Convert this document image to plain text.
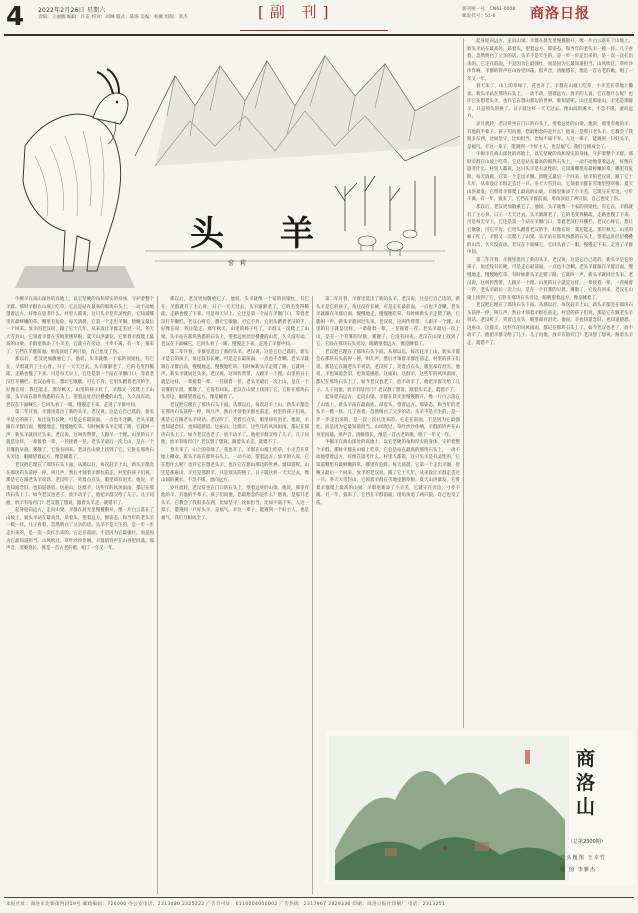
4 2022年2月26日 星期六
责编：王丽娜 编辑：许雷 校对：刘琳 版式：陈海 美编：杨佩 组版：黄杰	[副 刊]	新刊统一号：CN61-0008
邮发代号：51-6	商洛日报
头 羊
窑 莉

起身迎向远方，走向山梁。羊群在晨光里慢慢散开，像一片白云落在了山坡上。新头羊站在最高处，昂着头，望着远方。那姿态，和当年的老头羊一模一样。儿子看着，忽然明白了父亲的话。头羊不是天生的，是一步一步走出来的，是一次一次扛出来的。它走在前面，不是因为它最强壮，而是因为它最知道担当。山风吹过，草叶沙沙作响，羊群的铃声在山谷里回荡。那声音，清脆悠长，像是一首古老的歌，唱了一年又一年。

春天来了，山上的草绿了，花也开了。羊群在山坡上吃草，小羊羔在草地上撒欢。新头羊站在那块石头上，一动不动，望着远方。放羊的人说，它在想什么呢？也许它在想老头羊，也许它在想山那边的世界。谁知道呢。山还是那座山，羊还是那群羊，只是领头的换了。日子就这样一天天过去，像山间的溪水，不急不缓，流向远方。

岁月流转，老汉常坐在门口的石头上，望着远处的山梁。他说，那里有他的羊，有他的半辈子。孩子们问他，您最想念的是什么？他说，是那只老头羊。它教会了我很多东西，比如坚守，比如担当，比如不离不弃。人这一辈子，能遇到一只好头羊，是福气。羊这一辈子，能遇到一个好主人，也是福气。我们互相成全了。

牛顿羊在商山深处的高地上，以它坚硬的角和厚实的身体，守护着整个羊群。那时羊群在山坡上吃草，它总是站在最高的那块石头上，一动不动地望着远方，好像在思考什么。村里人都说，这只头羊是有灵性的，它知道哪里有最鲜嫩的草，哪里有危险。每天清晨，它第一个走出羊圈，傍晚又最后一个回来。放羊的老汉说，跟了它十几年，从来没让羊群走丢过一只。冬天大雪封山，它领着羊群在雪地里刨草根；夏天山洪暴发，它带着羊群爬上最高的山梁。羊群里新添了小羊羔，它就守在旁边，寸步不离。有一年，狼来了，它挡在羊群前面，用角顶退了两只狼，自己也受了伤。

那以后，老汉更加敬重它了。他说，头羊就像一个家的顶梁柱，有它在，羊群就有了主心骨。日子一天天过去，头羊渐渐老了，它的毛变得稀疏，走路也慢了下来。可是每天早上，它还是第一个站在羊圈门口，等着老汉打开栅栏。老汉心疼它，想让它歇歇，可它不肯。它用头蹭着老汉的手，好像在说：我还能走。那年秋天，山里的柿子红了，羊群又一次爬上了山梁。头羊站在那块熟悉的石头上，望着远处层层叠叠的山峦，久久没有动。老汉在下面喊它，它回头看了一眼，慢慢走下来，走进了羊群中间。

第二年开春，羊群里选出了新的头羊。老汉说，这是它自己选的。新头羊是它的孩子，角还没有长硬，可是走在最前面，一点也不含糊。老头羊就跟在羊群后面，慢慢地走，慢慢地吃草。有时候新头羊走错了路，它就叫一声，新头羊就回过头来。老汉说，这叫传帮带，人跟羊一个理。山里的日子就是这样，一辈接着一辈，一茬接着一茬。老头羊最后一次上山，是在一个有雾的早晨。雾散了，它没有回来。老汉在山梁上找到了它，它卧在那块石头旁边，眼睛望着远方，像是睡着了。

老汉把它埋在了那块石头下面。从那以后，每次赶羊上山，新头羊都会在那块石头前停一停，叫几声，然后才领着羊群往前走。村里的孩子们说，那是它在跟老头羊说话。老汉听了，笑着点点头，眼里却有泪光。他说，羊也知道念旧，也知道感恩。这座山，这群羊，这些年的风风雨雨，都记在那块石头上了。如今老汉也老了，放不动羊了。他把羊群交给了儿子。儿子问他，放羊有啥窍门？老汉想了想说，跟着头羊走，就错不了。

牛顿羊在商山深处的高地上，以它坚硬的角和厚实的身体，守护着整个羊群。那时羊群在山坡上吃草，它总是站在最高的那块石头上，一动不动地望着远方，好像在思考什么。村里人都说，这只头羊是有灵性的，它知道哪里有最鲜嫩的草，哪里有危险。每天清晨，它第一个走出羊圈，傍晚又最后一个回来。放羊的老汉说，跟了它十几年，从来没让羊群走丢过一只。冬天大雪封山，它领着羊群在雪地里刨草根；夏天山洪暴发，它带着羊群爬上最高的山梁。羊群里新添了小羊羔，它就守在旁边，寸步不离。有一年，狼来了，它挡在羊群前面，用角顶退了两只狼，自己也受了伤。

那以后，老汉更加敬重它了。他说，头羊就像一个家的顶梁柱，有它在，羊群就有了主心骨。日子一天天过去，头羊渐渐老了，它的毛变得稀疏，走路也慢了下来。可是每天早上，它还是第一个站在羊圈门口，等着老汉打开栅栏。老汉心疼它，想让它歇歇，可它不肯。它用头蹭着老汉的手，好像在说：我还能走。那年秋天，山里的柿子红了，羊群又一次爬上了山梁。头羊站在那块熟悉的石头上，望着远处层层叠叠的山峦，久久没有动。老汉在下面喊它，它回头看了一眼，慢慢走下来，走进了羊群中间。

第二年开春，羊群里选出了新的头羊。老汉说，这是它自己选的。新头羊是它的孩子，角还没有长硬，可是走在最前面，一点也不含糊。老头羊就跟在羊群后面，慢慢地走，慢慢地吃草。有时候新头羊走错了路，它就叫一声，新头羊就回过头来。老汉说，这叫传帮带，人跟羊一个理。山里的日子就是这样，一辈接着一辈，一茬接着一茬。老头羊最后一次上山，是在一个有雾的早晨。雾散了，它没有回来。老汉在山梁上找到了它，它卧在那块石头旁边，眼睛望着远方，像是睡着了。

老汉把它埋在了那块石头下面。从那以后，每次赶羊上山，新头羊都会在那块石头前停一停，叫几声，然后才领着羊群往前走。村里的孩子们说，那是它在跟老头羊说话。老汉听了，笑着点点头，眼里却有泪光。他说，羊也知道念旧，也知道感恩。这座山，这群羊，这些年的风风雨雨，都记在那块石头上了。如今老汉也老了，放不动羊了。他把羊群交给了儿子。儿子问他，放羊有啥窍门？老汉想了想说，跟着头羊走，就错不了。

起身迎向远方，走向山梁。羊群在晨光里慢慢散开，像一片白云落在了山坡上。新头羊站在最高处，昂着头，望着远方。那姿态，和当年的老头羊一模一样。儿子看着，忽然明白了父亲的话。头羊不是天生的，是一步一步走出来的，是一次一次扛出来的。它走在前面，不是因为它最强壮，而是因为它最知道担当。山风吹过，草叶沙沙作响，羊群的铃声在山谷里回荡。那声音，清脆悠长，像是一首古老的歌，唱了一年又一年。

那以后，老汉更加敬重它了。他说，头羊就像一个家的顶梁柱，有它在，羊群就有了主心骨。日子一天天过去，头羊渐渐老了，它的毛变得稀疏，走路也慢了下来。可是每天早上，它还是第一个站在羊圈门口，等着老汉打开栅栏。老汉心疼它，想让它歇歇，可它不肯。它用头蹭着老汉的手，好像在说：我还能走。那年秋天，山里的柿子红了，羊群又一次爬上了山梁。头羊站在那块熟悉的石头上，望着远处层层叠叠的山峦，久久没有动。老汉在下面喊它，它回头看了一眼，慢慢走下来，走进了羊群中间。

第二年开春，羊群里选出了新的头羊。老汉说，这是它自己选的。新头羊是它的孩子，角还没有长硬，可是走在最前面，一点也不含糊。老头羊就跟在羊群后面，慢慢地走，慢慢地吃草。有时候新头羊走错了路，它就叫一声，新头羊就回过头来。老汉说，这叫传帮带，人跟羊一个理。山里的日子就是这样，一辈接着一辈，一茬接着一茬。老头羊最后一次上山，是在一个有雾的早晨。雾散了，它没有回来。老汉在山梁上找到了它，它卧在那块石头旁边，眼睛望着远方，像是睡着了。

老汉把它埋在了那块石头下面。从那以后，每次赶羊上山，新头羊都会在那块石头前停一停，叫几声，然后才领着羊群往前走。村里的孩子们说，那是它在跟老头羊说话。老汉听了，笑着点点头，眼里却有泪光。他说，羊也知道念旧，也知道感恩。这座山，这群羊，这些年的风风雨雨，都记在那块石头上了。如今老汉也老了，放不动羊了。他把羊群交给了儿子。儿子问他，放羊有啥窍门？老汉想了想说，跟着头羊走，就错不了。

春天来了，山上的草绿了，花也开了。羊群在山坡上吃草，小羊羔在草地上撒欢。新头羊站在那块石头上，一动不动，望着远方。放羊的人说，它在想什么呢？也许它在想老头羊，也许它在想山那边的世界。谁知道呢。山还是那座山，羊还是那群羊，只是领头的换了。日子就这样一天天过去，像山间的溪水，不急不缓，流向远方。

岁月流转，老汉常坐在门口的石头上，望着远处的山梁。他说，那里有他的羊，有他的半辈子。孩子们问他，您最想念的是什么？他说，是那只老头羊。它教会了我很多东西，比如坚守，比如担当，比如不离不弃。人这一辈子，能遇到一只好头羊，是福气。羊这一辈子，能遇到一个好主人，也是福气。我们互相成全了。

第二年开春，羊群里选出了新的头羊。老汉说，这是它自己选的。新头羊是它的孩子，角还没有长硬，可是走在最前面，一点也不含糊。老头羊就跟在羊群后面，慢慢地走，慢慢地吃草。有时候新头羊走错了路，它就叫一声，新头羊就回过头来。老汉说，这叫传帮带，人跟羊一个理。山里的日子就是这样，一辈接着一辈，一茬接着一茬。老头羊最后一次上山，是在一个有雾的早晨。雾散了，它没有回来。老汉在山梁上找到了它，它卧在那块石头旁边，眼睛望着远方，像是睡着了。

老汉把它埋在了那块石头下面。从那以后，每次赶羊上山，新头羊都会在那块石头前停一停，叫几声，然后才领着羊群往前走。村里的孩子们说，那是它在跟老头羊说话。老汉听了，笑着点点头，眼里却有泪光。他说，羊也知道念旧，也知道感恩。这座山，这群羊，这些年的风风雨雨，都记在那块石头上了。如今老汉也老了，放不动羊了。他把羊群交给了儿子。儿子问他，放羊有啥窍门？老汉想了想说，跟着头羊走，就错不了。

起身迎向远方，走向山梁。羊群在晨光里慢慢散开，像一片白云落在了山坡上。新头羊站在最高处，昂着头，望着远方。那姿态，和当年的老头羊一模一样。儿子看着，忽然明白了父亲的话。头羊不是天生的，是一步一步走出来的，是一次一次扛出来的。它走在前面，不是因为它最强壮，而是因为它最知道担当。山风吹过，草叶沙沙作响，羊群的铃声在山谷里回荡。那声音，清脆悠长，像是一首古老的歌，唱了一年又一年。

牛顿羊在商山深处的高地上，以它坚硬的角和厚实的身体，守护着整个羊群。那时羊群在山坡上吃草，它总是站在最高的那块石头上，一动不动地望着远方，好像在思考什么。村里人都说，这只头羊是有灵性的，它知道哪里有最鲜嫩的草，哪里有危险。每天清晨，它第一个走出羊圈，傍晚又最后一个回来。放羊的老汉说，跟了它十几年，从来没让羊群走丢过一只。冬天大雪封山，它领着羊群在雪地里刨草根；夏天山洪暴发，它带着羊群爬上最高的山梁。羊群里新添了小羊羔，它就守在旁边，寸步不离。有一年，狼来了，它挡在羊群前面，用角顶退了两只狼，自己也受了伤。

商洛山
（总第2300期）
刊头题图 王幸竹
题 图 李雅杰
本报社址：商洛市北新街西段59号 邮政编码：726000 办公室电话：2313480 2325222 广告许可证：6110004000002 广告热线：2317967 2829336 印刷：商洛日报社印刷厂 电话：2313251
